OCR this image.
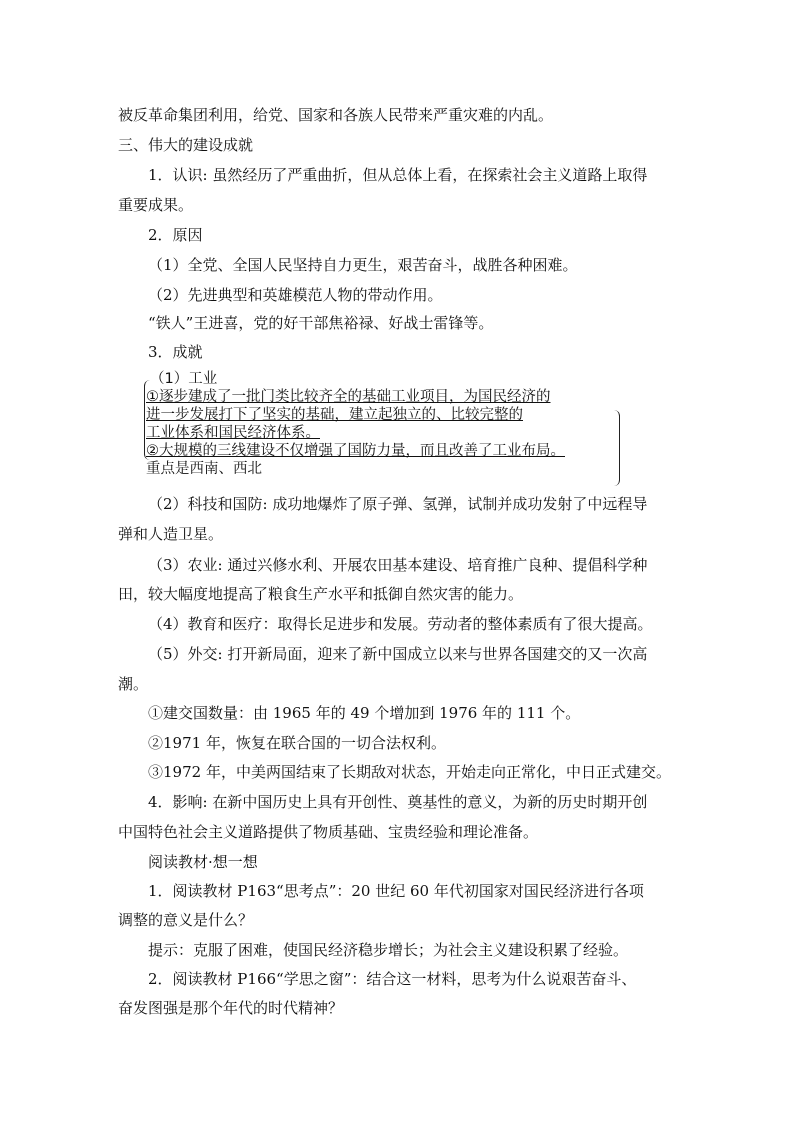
被反革命集团利用，给党、国家和各族人民带来严重灾难的内乱。
三、伟大的建设成就
1．认识: 虽然经历了严重曲折，但从总体上看，在探索社会主义道路上取得
重要成果。
2．原因
（1）全党、全国人民坚持自力更生，艰苦奋斗，战胜各种困难。
（2）先进典型和英雄模范人物的带动作用。
“铁人”王进喜，党的好干部焦裕禄、好战士雷锋等。
3．成就
（1）工业
①逐步建成了一批门类比较齐全的基础工业项目，为国民经济的
进一步发展打下了坚实的基础，建立起独立的、比较完整的
工业体系和国民经济体系。
②大规模的三线建设不仅增强了国防力量，而且改善了工业布局。
重点是西南、西北
（2）科技和国防: 成功地爆炸了原子弹、氢弹，试制并成功发射了中远程导
弹和人造卫星。
（3）农业: 通过兴修水利、开展农田基本建设、培育推广良种、提倡科学种
田，较大幅度地提高了粮食生产水平和抵御自然灾害的能力。
（4）教育和医疗：取得长足进步和发展。劳动者的整体素质有了很大提高。
（5）外交: 打开新局面，迎来了新中国成立以来与世界各国建交的又一次高
潮。
①建交国数量：由 1965 年的 49 个增加到 1976 年的 111 个。
②1971 年，恢复在联合国的一切合法权利。
③1972 年，中美两国结束了长期敌对状态，开始走向正常化，中日正式建交。
4．影响: 在新中国历史上具有开创性、奠基性的意义，为新的历史时期开创
中国特色社会主义道路提供了物质基础、宝贵经验和理论准备。
阅读教材·想一想
1．阅读教材 P163“思考点”：20 世纪 60 年代初国家对国民经济进行各项
调整的意义是什么？
提示：克服了困难，使国民经济稳步增长；为社会主义建设积累了经验。
2．阅读教材 P166“学思之窗”：结合这一材料，思考为什么说艰苦奋斗、
奋发图强是那个年代的时代精神？
